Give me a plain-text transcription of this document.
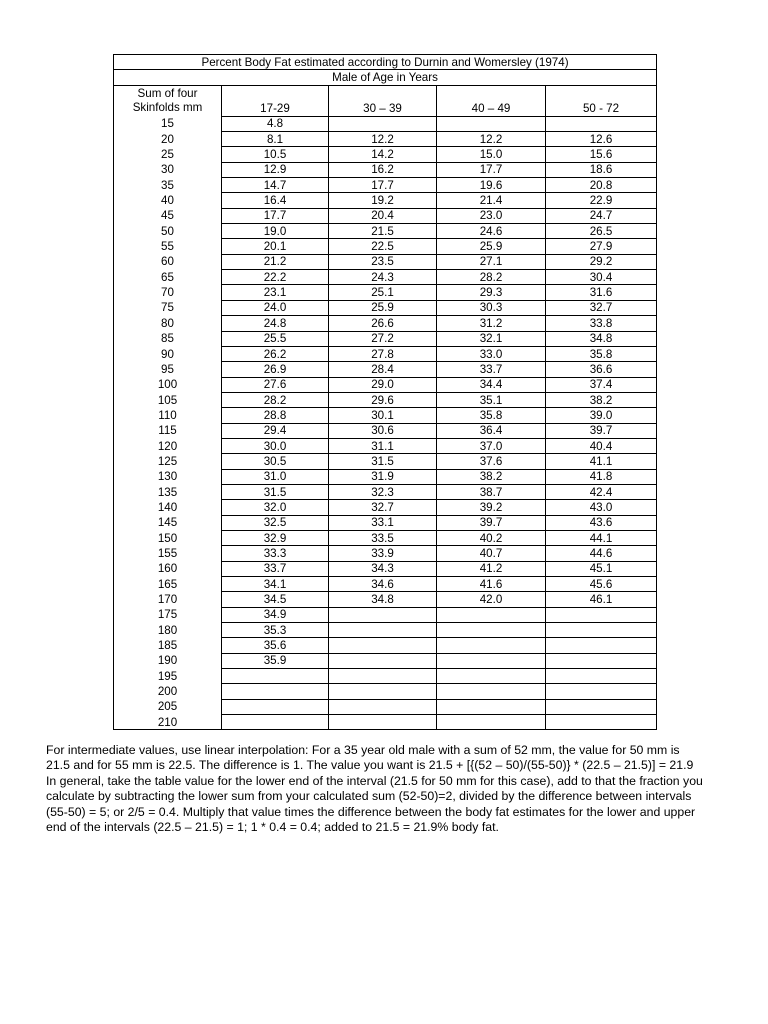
Percent Body Fat estimated according to Durnin and Womersley (1974)				
Male of Age in Years				
Sum of four
Skinfolds mm	17-29	30 – 39	40 – 49	50 - 72
15	4.8			
20	8.1	12.2	12.2	12.6
25	10.5	14.2	15.0	15.6
30	12.9	16.2	17.7	18.6
35	14.7	17.7	19.6	20.8
40	16.4	19.2	21.4	22.9
45	17.7	20.4	23.0	24.7
50	19.0	21.5	24.6	26.5
55	20.1	22.5	25.9	27.9
60	21.2	23.5	27.1	29.2
65	22.2	24.3	28.2	30.4
70	23.1	25.1	29.3	31.6
75	24.0	25.9	30.3	32.7
80	24.8	26.6	31.2	33.8
85	25.5	27.2	32.1	34.8
90	26.2	27.8	33.0	35.8
95	26.9	28.4	33.7	36.6
100	27.6	29.0	34.4	37.4
105	28.2	29.6	35.1	38.2
110	28.8	30.1	35.8	39.0
115	29.4	30.6	36.4	39.7
120	30.0	31.1	37.0	40.4
125	30.5	31.5	37.6	41.1
130	31.0	31.9	38.2	41.8
135	31.5	32.3	38.7	42.4
140	32.0	32.7	39.2	43.0
145	32.5	33.1	39.7	43.6
150	32.9	33.5	40.2	44.1
155	33.3	33.9	40.7	44.6
160	33.7	34.3	41.2	45.1
165	34.1	34.6	41.6	45.6
170	34.5	34.8	42.0	46.1
175	34.9			
180	35.3			
185	35.6			
190	35.9			
195				
200				
205				
210				
For intermediate values, use linear interpolation: For a 35 year old male with a sum of 52 mm, the value for 50 mm is
21.5 and for 55 mm is 22.5. The difference is 1. The value you want is 21.5 + [{(52 – 50)/(55-50)} * (22.5 – 21.5)] = 21.9
In general, take the table value for the lower end of the interval (21.5 for 50 mm for this case), add to that the fraction you
calculate by subtracting the lower sum from your calculated sum (52-50)=2, divided by the difference between intervals
(55-50) = 5; or 2/5 = 0.4. Multiply that value times the difference between the body fat estimates for the lower and upper
end of the intervals (22.5 – 21.5) = 1; 1 * 0.4 = 0.4; added to 21.5 = 21.9% body fat.
